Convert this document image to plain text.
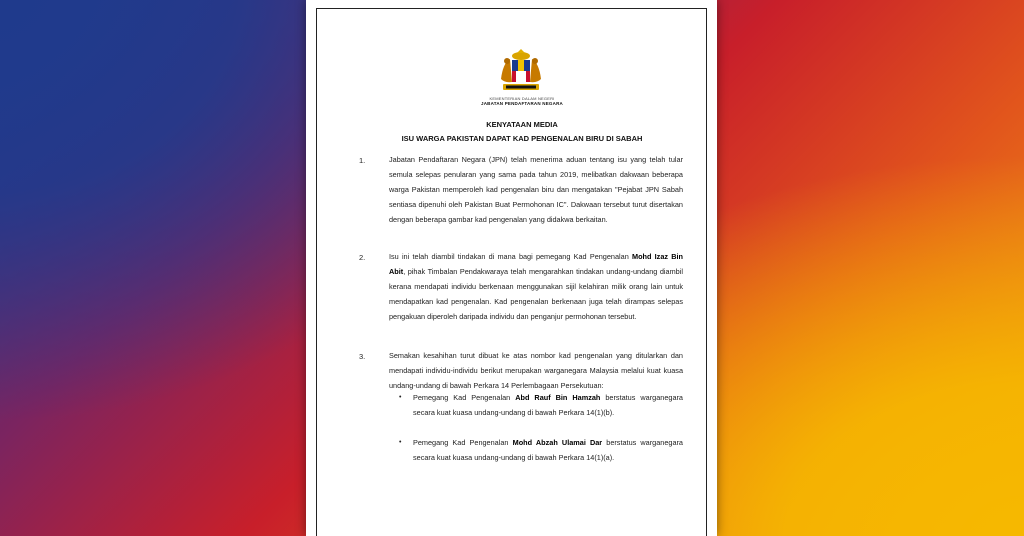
KEMENTERIAN DALAM NEGERI
JABATAN PENDAFTARAN NEGARA
KENYATAAN MEDIA
ISU WARGA PAKISTAN DAPAT KAD PENGENALAN BIRU DI SABAH
1.	Jabatan Pendaftaran Negara (JPN) telah menerima aduan tentang isu yang telah tular semula selepas penularan yang sama pada tahun 2019, melibatkan dakwaan beberapa warga Pakistan memperoleh kad pengenalan biru dan mengatakan "Pejabat JPN Sabah sentiasa dipenuhi oleh Pakistan Buat Permohonan IC". Dakwaan tersebut turut disertakan dengan beberapa gambar kad pengenalan yang didakwa berkaitan.
2.	Isu ini telah diambil tindakan di mana bagi pemegang Kad Pengenalan Mohd Izaz Bin Abit, pihak Timbalan Pendakwaraya telah mengarahkan tindakan undang-undang diambil kerana mendapati individu berkenaan menggunakan sijil kelahiran milik orang lain untuk mendapatkan kad pengenalan. Kad pengenalan berkenaan juga telah dirampas selepas pengakuan diperoleh daripada individu dan penganjur permohonan tersebut.
3.	Semakan kesahihan turut dibuat ke atas nombor kad pengenalan yang ditularkan dan mendapati individu-individu berikut merupakan warganegara Malaysia melalui kuat kuasa undang-undang di bawah Perkara 14 Perlembagaan Persekutuan:
• Pemegang Kad Pengenalan Abd Rauf Bin Hamzah berstatus warganegara secara kuat kuasa undang-undang di bawah Perkara 14(1)(b).
• Pemegang Kad Pengenalan Mohd Abzah Ulamai Dar berstatus warganegara secara kuat kuasa undang-undang di bawah Perkara 14(1)(a).
